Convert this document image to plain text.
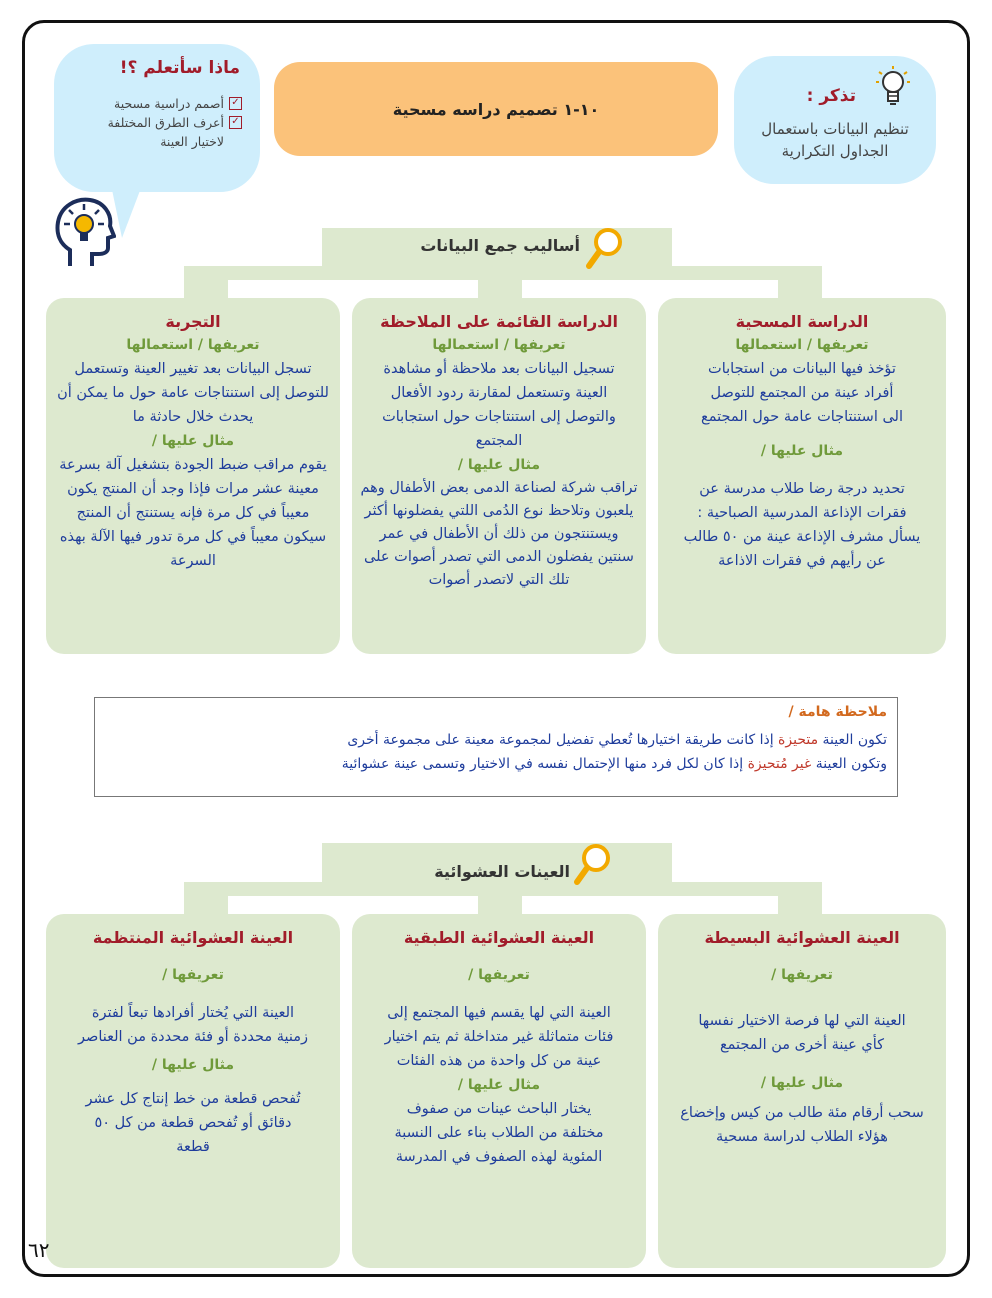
ماذا سأتعلم ؟!
✓
أصمم دراسية مسحية
✓
أعرف الطرق المختلفة لاختيار العينة
١٠-١ تصميم دراسه مسحية
تذكر :
تنظيم البيانات باستعمال الجداول التكرارية
أساليب جمع البيانات
الدراسة المسحية
تعريفها / استعمالها
تؤخذ فيها البيانات من استجابات أفراد عينة من المجتمع للتوصل الى استنتاجات عامة حول المجتمع
مثال عليها /
تحديد درجة رضا طلاب مدرسة عن فقرات الإذاعة المدرسية الصباحية : يسأل مشرف الإذاعة عينة من ٥٠ طالب عن رأيهم في فقرات الاذاعة
الدراسة القائمة على الملاحظة
تعريفها / استعمالها
تسجيل البيانات بعد ملاحظة أو مشاهدة العينة وتستعمل لمقارنة ردود الأفعال والتوصل إلى استنتاجات حول استجابات المجتمع
مثال عليها /
تراقب شركة لصناعة الدمى بعض الأطفال وهم يلعبون وتلاحظ نوع الدُمى اللتي يفضلونها أكثر ويستنتجون من ذلك أن الأطفال في عمر سنتين يفضلون الدمى التي تصدر أصوات على تلك التي لاتصدر أصوات
التجربة
تعريفها / استعمالها
تسجل البيانات بعد تغيير العينة وتستعمل للتوصل إلى استنتاجات عامة حول ما يمكن أن يحدث خلال حادثة ما
مثال عليها /
يقوم مراقب ضبط الجودة بتشغيل آلة بسرعة معينة عشر مرات فإذا وجد أن المنتج يكون معيباً في كل مرة فإنه يستنتج أن المنتج سيكون معيباً في كل مرة تدور فيها الآلة بهذه السرعة
ملاحظة هامة /
تكون العينة متحيزة إذا كانت طريقة اختيارها تُعطي تفضيل لمجموعة معينة على مجموعة أخرى
وتكون العينة غير مُتحيزة إذا كان لكل فرد منها الإحتمال نفسه في الاختيار وتسمى عينة عشوائية
العينات العشوائية
العينة العشوائية البسيطة
تعريفها /
العينة التي لها فرصة الاختيار نفسها كأي عينة أخرى من المجتمع
مثال عليها /
سحب أرقام مئة طالب من كيس وإخضاع هؤلاء الطلاب لدراسة مسحية
العينة العشوائية الطبقية
تعريفها /
العينة التي لها يقسم فيها المجتمع إلى فئات متماثلة غير متداخلة ثم يتم اختيار عينة من كل واحدة من هذه الفئات
مثال عليها /
يختار الباحث عينات من صفوف مختلفة من الطلاب بناء على النسبة المئوية لهذه الصفوف في المدرسة
العينة العشوائية المنتظمة
تعريفها /
العينة التي يُختار أفرادها تبعاً لفترة زمنية محددة أو فئة محددة من العناصر
مثال عليها /
تُفحص قطعة من خط إنتاج كل عشر دقائق أو تُفحص قطعة من كل ٥٠ قطعة
٦٢
